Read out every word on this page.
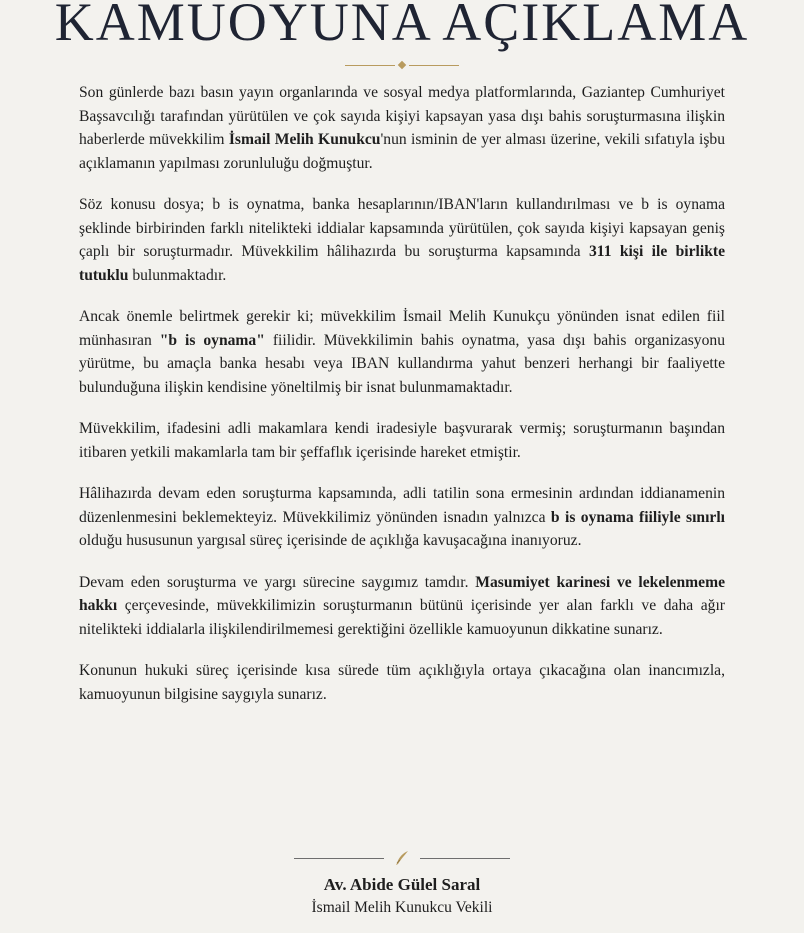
KAMUOYUNA AÇIKLAMA

Son günlerde bazı basın yayın organlarında ve sosyal medya platformlarında, Gaziantep Cumhuriyet Başsavcılığı tarafından yürütülen ve çok sayıda kişiyi kapsayan yasa dışı bahis soruşturmasına ilişkin haberlerde müvekkilim İsmail Melih Kunukcu'nun isminin de yer alması üzerine, vekili sıfatıyla işbu açıklamanın yapılması zorunluluğu doğmuştur.

Söz konusu dosya; b is oynatma, banka hesaplarının/IBAN'ların kullandırılması ve b is oynama şeklinde birbirinden farklı nitelikteki iddialar kapsamında yürütülen, çok sayıda kişiyi kapsayan geniş çaplı bir soruşturmadır. Müvekkilim hâlihazırda bu soruşturma kapsamında 311 kişi ile birlikte tutuklu bulunmaktadır.

Ancak önemle belirtmek gerekir ki; müvekkilim İsmail Melih Kunukçu yönünden isnat edilen fiil münhasıran "b is oynama" fiilidir. Müvekkilimin bahis oynatma, yasa dışı bahis organizasyonu yürütme, bu amaçla banka hesabı veya IBAN kullandırma yahut benzeri herhangi bir faaliyette bulunduğuna ilişkin kendisine yöneltilmiş bir isnat bulunmamaktadır.

Müvekkilim, ifadesini adli makamlara kendi iradesiyle başvurarak vermiş; soruşturmanın başından itibaren yetkili makamlarla tam bir şeffaflık içerisinde hareket etmiştir.

Hâlihazırda devam eden soruşturma kapsamında, adli tatilin sona ermesinin ardından iddianamenin düzenlenmesini beklemekteyiz. Müvekkilimiz yönünden isnadın yalnızca b is oynama fiiliyle sınırlı olduğu hususunun yargısal süreç içerisinde de açıklığa kavuşacağına inanıyoruz.

Devam eden soruşturma ve yargı sürecine saygımız tamdır. Masumiyet karinesi ve lekelenmeme hakkı çerçevesinde, müvekkilimizin soruşturmanın bütünü içerisinde yer alan farklı ve daha ağır nitelikteki iddialarla ilişkilendirilmemesi gerektiğini özellikle kamuoyunun dikkatine sunarız.

Konunun hukuki süreç içerisinde kısa sürede tüm açıklığıyla ortaya çıkacağına olan inancımızla, kamuoyunun bilgisine saygıyla sunarız.

Av. Abide Gülel Saral
İsmail Melih Kunukcu Vekili
